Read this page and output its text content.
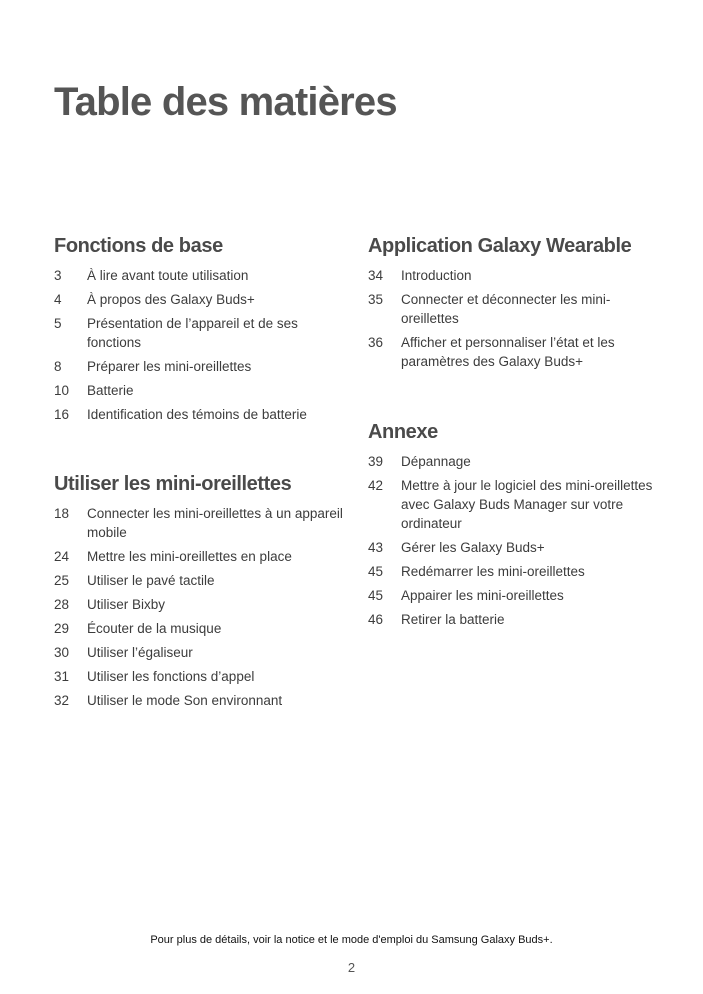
Table des matières
Fonctions de base
3	À lire avant toute utilisation
4	À propos des Galaxy Buds+
5	Présentation de l’appareil et de ses fonctions
8	Préparer les mini-oreillettes
10	Batterie
16	Identification des témoins de batterie
Utiliser les mini-oreillettes
18	Connecter les mini-oreillettes à un appareil mobile
24	Mettre les mini-oreillettes en place
25	Utiliser le pavé tactile
28	Utiliser Bixby
29	Écouter de la musique
30	Utiliser l’égaliseur
31	Utiliser les fonctions d’appel
32	Utiliser le mode Son environnant
Application Galaxy Wearable
34	Introduction
35	Connecter et déconnecter les mini-oreillettes
36	Afficher et personnaliser l’état et les paramètres des Galaxy Buds+
Annexe
39	Dépannage
42	Mettre à jour le logiciel des mini-oreillettes avec Galaxy Buds Manager sur votre ordinateur
43	Gérer les Galaxy Buds+
45	Redémarrer les mini-oreillettes
45	Appairer les mini-oreillettes
46	Retirer la batterie
Pour plus de détails, voir la notice et le mode d'emploi du Samsung Galaxy Buds+.
2
